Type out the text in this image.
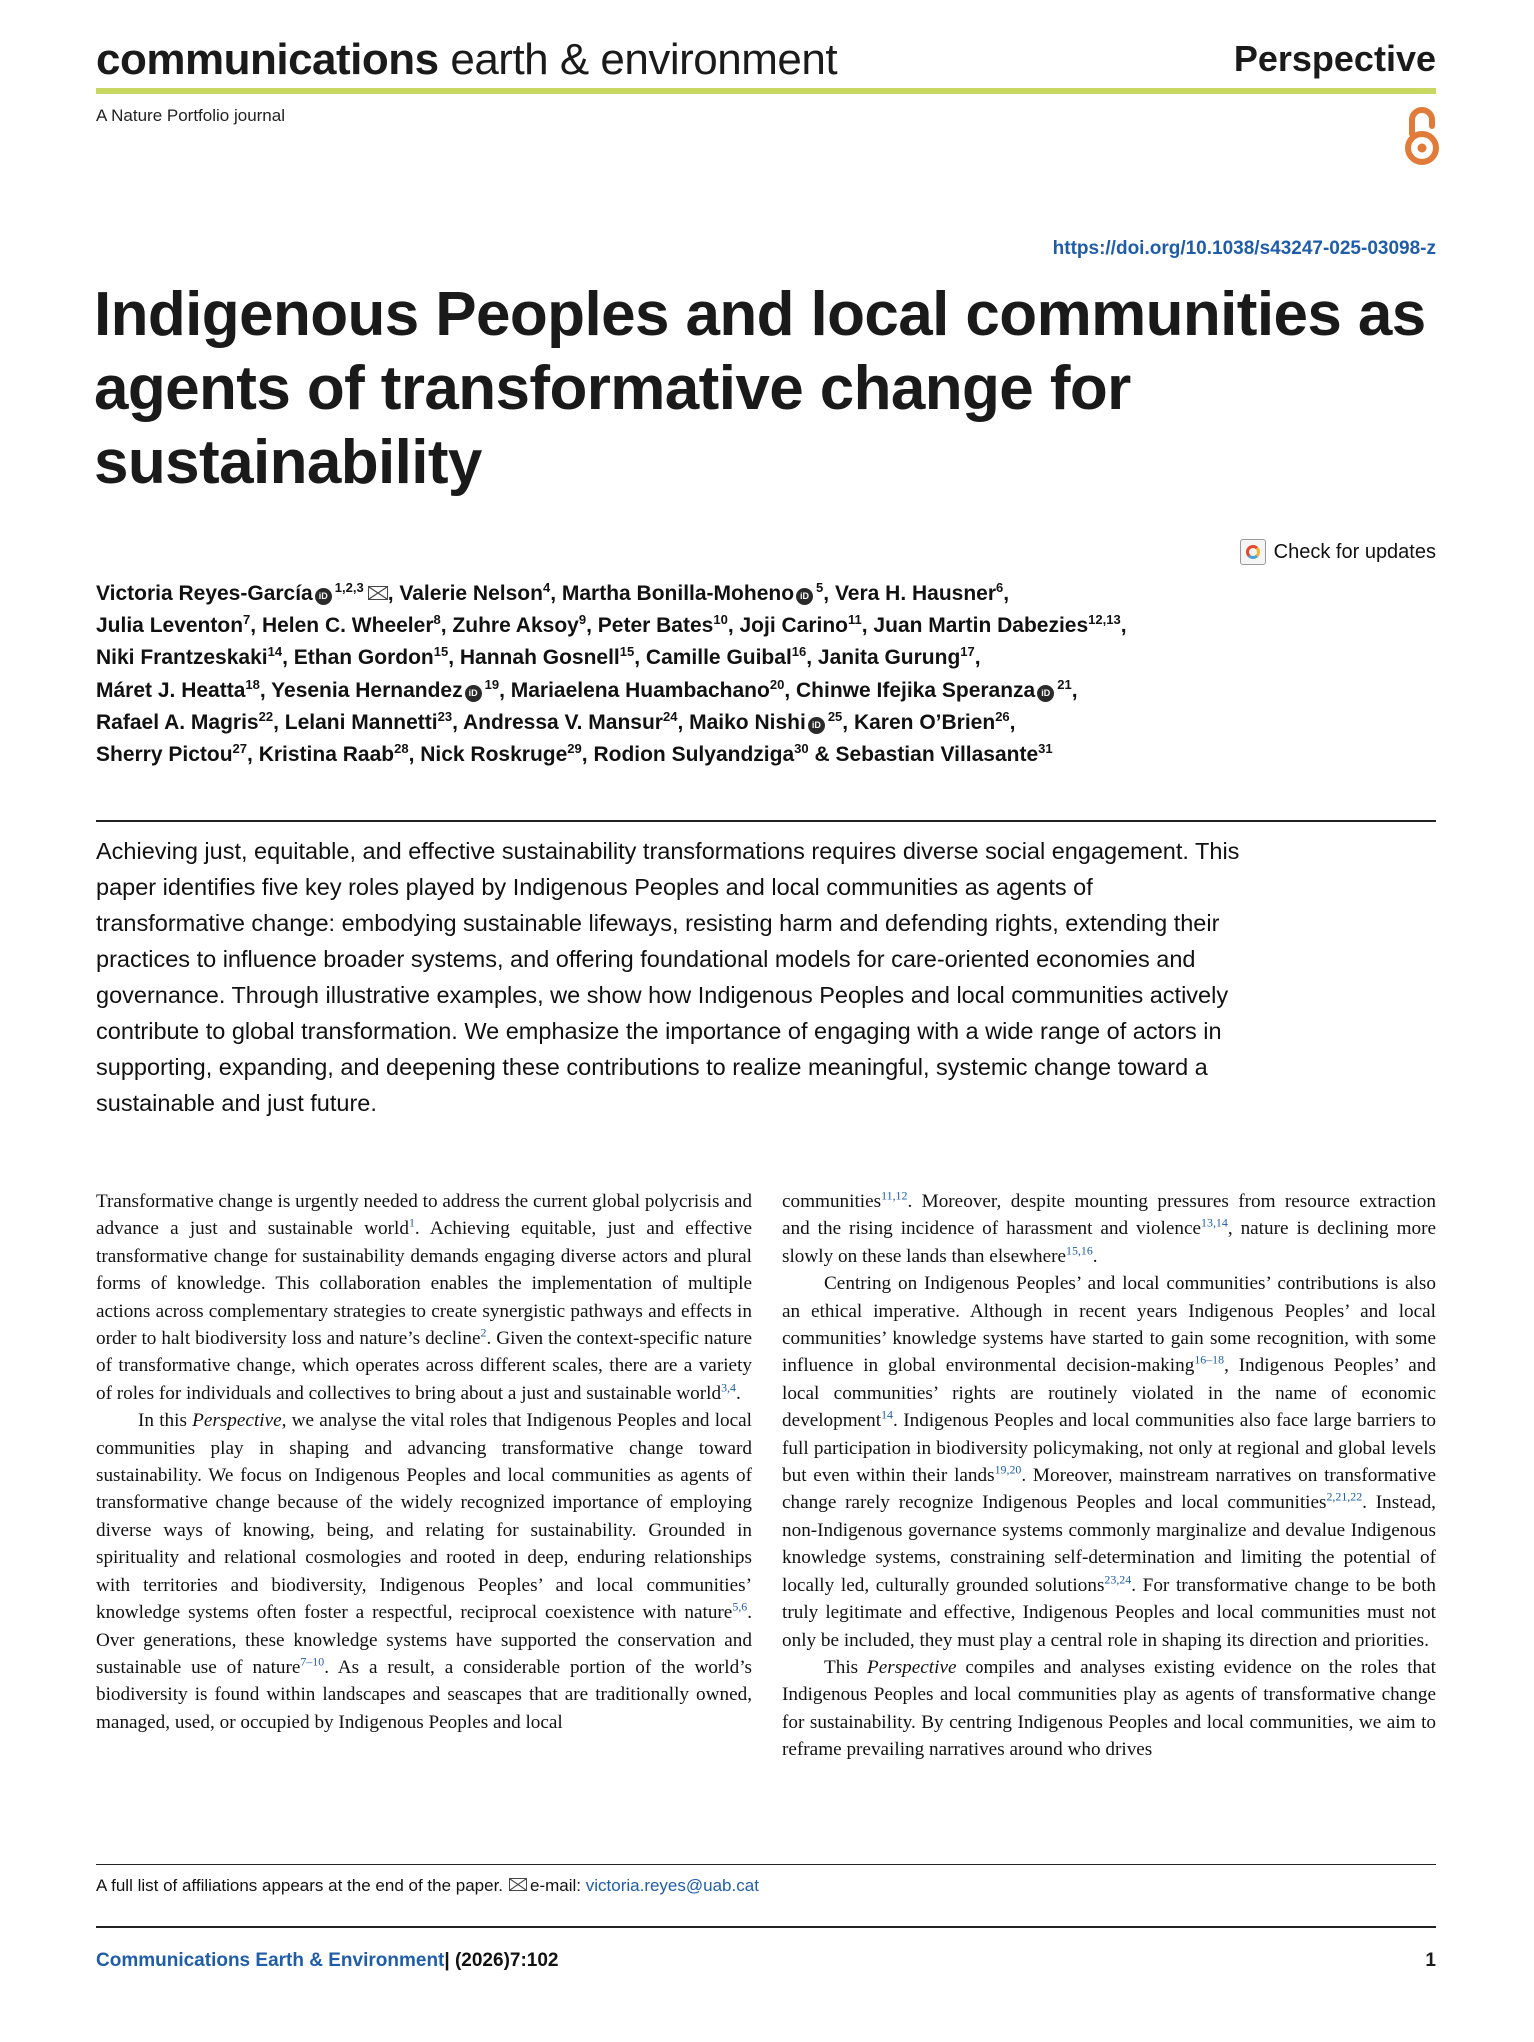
communications earth & environment	Perspective
A Nature Portfolio journal
https://doi.org/10.1038/s43247-025-03098-z
Indigenous Peoples and local communities as agents of transformative change for sustainability
Check for updates
Victoria Reyes-García iD$^{1,2,3}$ , Valerie Nelson$^4$, Martha Bonilla-Moheno $iD^5$, Vera H. Hausner$^6$,
Julia Leventon$^7$, Helen C. Wheeler$^8$, Zuhre Aksoy$^9$, Peter Bates$^{10}$, Joji Carino$^{11}$, Juan Martin Dabezies$^{12,13}$,
Niki Frantzeskaki$^{14}$, Ethan Gordon$^{15}$, Hannah Gosnell$^{15}$, Camille Guibal$^{16}$, Janita Gurung$^{17}$,
Máret J. Heatta$^{18}$, Yesenia Hernandez $iD^{19}$, Mariaelena Huambachano$^{20}$, Chinwe Ifejika Speranza $iD^{21}$,
Rafael A. Magris$^{22}$, Lelani Mannetti$^{23}$, Andressa V. Mansur$^{24}$, Maiko Nishi $iD^{25}$, Karen O’Brien$^{26}$,
Sherry Pictou$^{27}$, Kristina Raab$^{28}$, Nick Roskruge$^{29}$, Rodion Sulyandziga$^{30}$ & Sebastian Villasante$^{31}$
Achieving just, equitable, and effective sustainability transformations requires diverse social engagement. This paper identifies five key roles played by Indigenous Peoples and local communities as agents of transformative change: embodying sustainable lifeways, resisting harm and defending rights, extending their practices to influence broader systems, and offering foundational models for care-oriented economies and governance. Through illustrative examples, we show how Indigenous Peoples and local communities actively contribute to global transformation. We emphasize the importance of engaging with a wide range of actors in supporting, expanding, and deepening these contributions to realize meaningful, systemic change toward a sustainable and just future.

Transformative change is urgently needed to address the current global polycrisis and advance a just and sustainable world$^1$. Achieving equitable, just and effective transformative change for sustainability demands engaging diverse actors and plural forms of knowledge. This collaboration enables the implementation of multiple actions across complementary strategies to create synergistic pathways and effects in order to halt biodiversity loss and nature’s decline$^2$. Given the context-specific nature of transformative change, which operates across different scales, there are a variety of roles for individuals and collectives to bring about a just and sustainable world$^{3,4}$.

In this Perspective, we analyse the vital roles that Indigenous Peoples and local communities play in shaping and advancing transformative change toward sustainability. We focus on Indigenous Peoples and local communities as agents of transformative change because of the widely recognized importance of employing diverse ways of knowing, being, and relating for sustainability. Grounded in spirituality and relational cosmologies and rooted in deep, enduring relationships with territories and biodiversity, Indigenous Peoples’ and local communities’ knowledge systems often foster a respectful, reciprocal coexistence with nature$^{5,6}$. Over generations, these knowledge systems have supported the conservation and sustainable use of nature$^{7-10}$. As a result, a considerable portion of the world’s biodiversity is found within landscapes and seascapes that are traditionally owned, managed, used, or occupied by Indigenous Peoples and local

communities$^{11,12}$. Moreover, despite mounting pressures from resource extraction and the rising incidence of harassment and violence$^{13,14}$, nature is declining more slowly on these lands than elsewhere$^{15,16}$.

Centring on Indigenous Peoples’ and local communities’ contributions is also an ethical imperative. Although in recent years Indigenous Peoples’ and local communities’ knowledge systems have started to gain some recognition, with some influence in global environmental decision-making$^{16-18}$, Indigenous Peoples’ and local communities’ rights are routinely violated in the name of economic development$^{14}$. Indigenous Peoples and local communities also face large barriers to full participation in biodiversity policymaking, not only at regional and global levels but even within their lands$^{19,20}$. Moreover, mainstream narratives on transformative change rarely recognize Indigenous Peoples and local communities$^{2,21,22}$. Instead, non-Indigenous governance systems commonly marginalize and devalue Indigenous knowledge systems, constraining self-determination and limiting the potential of locally led, culturally grounded solutions$^{23,24}$. For transformative change to be both truly legitimate and effective, Indigenous Peoples and local communities must not only be included, they must play a central role in shaping its direction and priorities.

This Perspective compiles and analyses existing evidence on the roles that Indigenous Peoples and local communities play as agents of transformative change for sustainability. By centring Indigenous Peoples and local communities, we aim to reframe prevailing narratives around who drives

A full list of affiliations appears at the end of the paper. e-mail: victoria.reyes@uab.cat
Communications Earth & Environment| (2026)7:102	1
